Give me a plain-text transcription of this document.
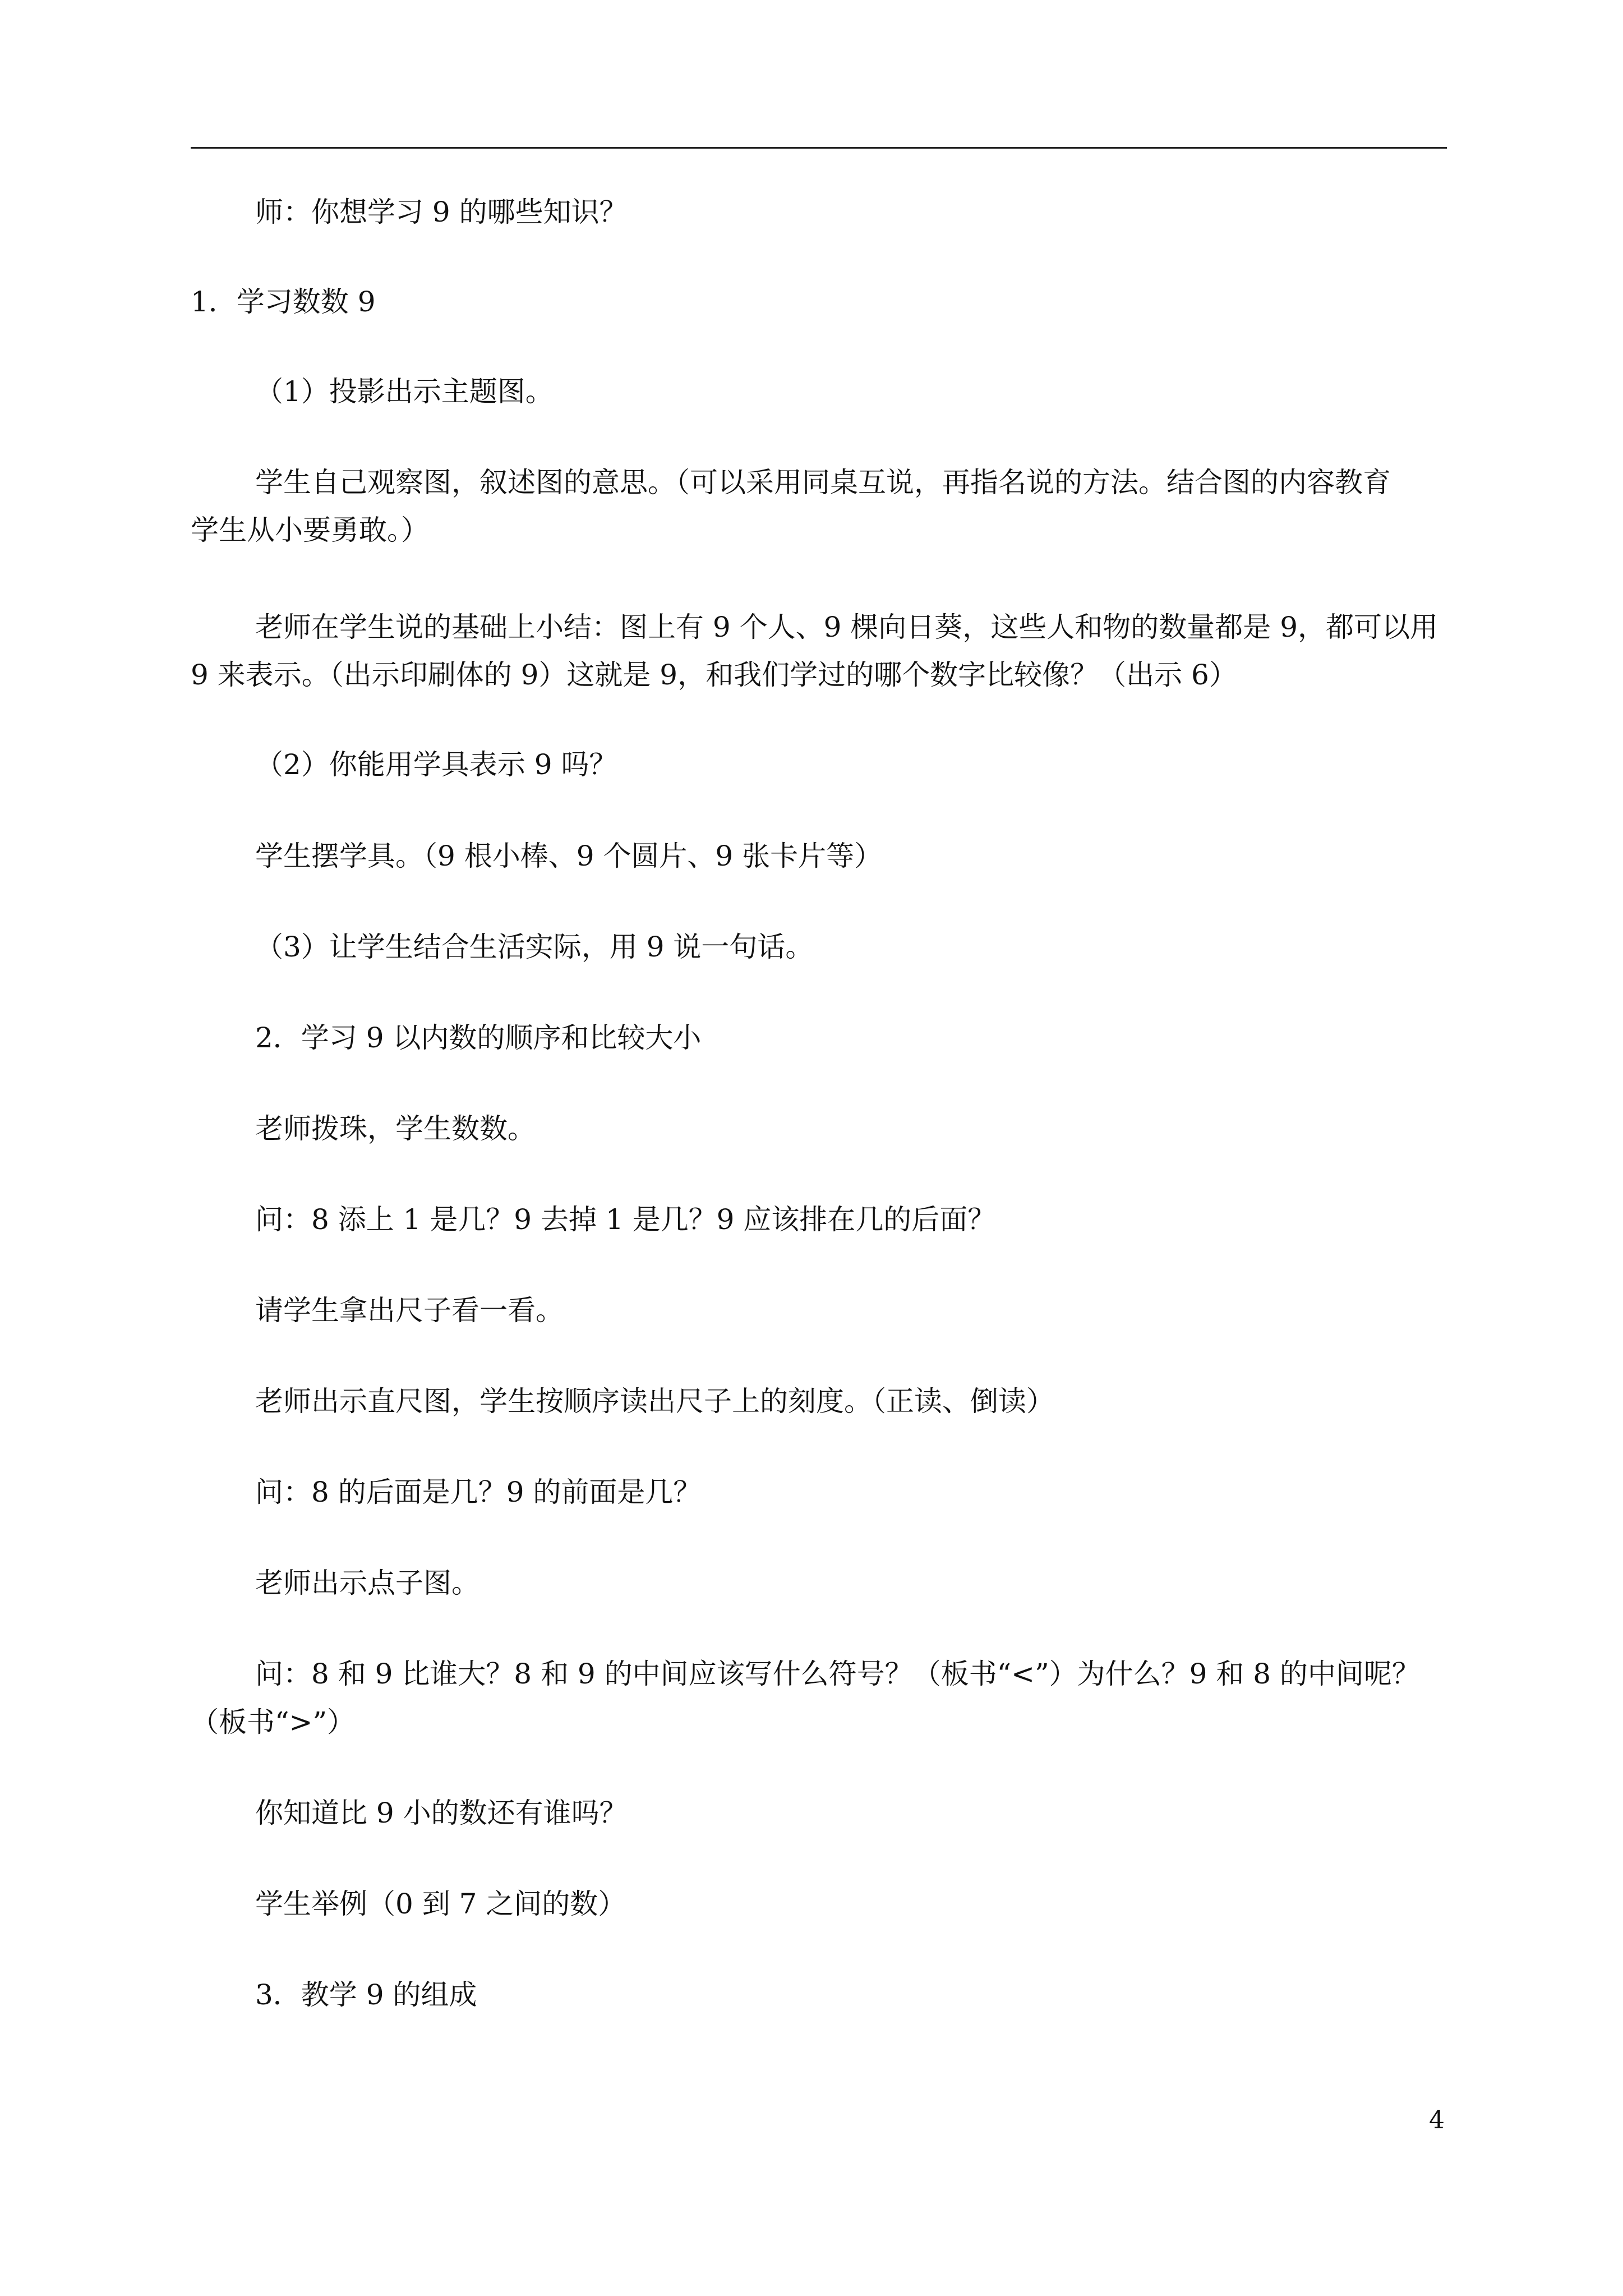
师：你想学习 9 的哪些知识？
1．学习数数 9
（1）投影出示主题图。
学生自己观察图，叙述图的意思。（可以采用同桌互说，再指名说的方法。结合图的内容教育
学生从小要勇敢。）
老师在学生说的基础上小结：图上有 9 个人、9 棵向日葵，这些人和物的数量都是 9，都可以用
9 来表示。（出示印刷体的 9）这就是 9，和我们学过的哪个数字比较像？（出示 6）
（2）你能用学具表示 9 吗？
学生摆学具。（9 根小棒、9 个圆片、9 张卡片等）
（3）让学生结合生活实际，用 9 说一句话。
2．学习 9 以内数的顺序和比较大小
老师拨珠，学生数数。
问：8 添上 1 是几？9 去掉 1 是几？9 应该排在几的后面？
请学生拿出尺子看一看。
老师出示直尺图，学生按顺序读出尺子上的刻度。（正读、倒读）
问：8 的后面是几？9 的前面是几？
老师出示点子图。
问：8 和 9 比谁大？8 和 9 的中间应该写什么符号？（板书“<”）为什么？9 和 8 的中间呢？
（板书“>”）
你知道比 9 小的数还有谁吗？
学生举例（0 到 7 之间的数）
3．教学 9 的组成
4
